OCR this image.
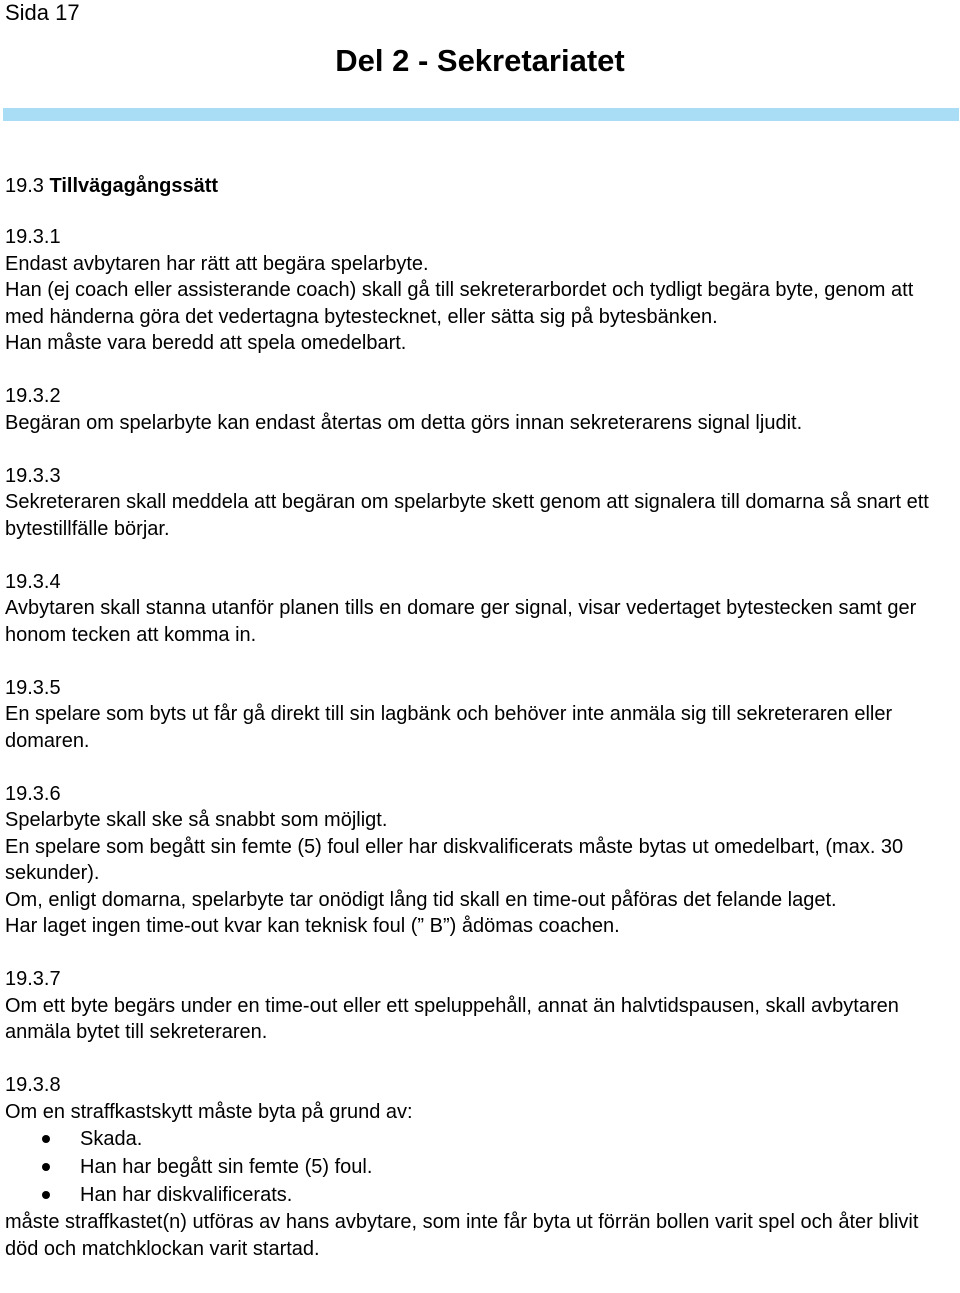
Sida 17

Del 2 - Sekretariatet
19.3 Tillvägagångssätt
19.3.1

Endast avbytaren har rätt att begära spelarbyte.

Han (ej coach eller assisterande coach) skall gå till sekreterarbordet och tydligt begära byte, genom att med händerna göra det vedertagna bytestecknet, eller sätta sig på bytesbänken.

Han måste vara beredd att spela omedelbart.

19.3.2

Begäran om spelarbyte kan endast återtas om detta görs innan sekreterarens signal ljudit.

19.3.3

Sekreteraren skall meddela att begäran om spelarbyte skett genom att signalera till domarna så snart ett bytestillfälle börjar.

19.3.4

Avbytaren skall stanna utanför planen tills en domare ger signal, visar vedertaget bytestecken samt ger honom tecken att komma in.

19.3.5

En spelare som byts ut får gå direkt till sin lagbänk och behöver inte anmäla sig till sekreteraren eller domaren.

19.3.6

Spelarbyte skall ske så snabbt som möjligt.

En spelare som begått sin femte (5) foul eller har diskvalificerats måste bytas ut omedelbart, (max. 30 sekunder).

Om, enligt domarna, spelarbyte tar onödigt lång tid skall en time-out påföras det felande laget.

Har laget ingen time-out kvar kan teknisk foul (” B”) ådömas coachen.

19.3.7

Om ett byte begärs under en time-out eller ett speluppehåll, annat än halvtidspausen, skall avbytaren anmäla bytet till sekreteraren.

19.3.8

Om en straffkastskytt måste byta på grund av:

Skada.
Han har begått sin femte (5) foul.
Han har diskvalificerats.

måste straffkastet(n) utföras av hans avbytare, som inte får byta ut förrän bollen varit spel och åter blivit död och matchklockan varit startad.
